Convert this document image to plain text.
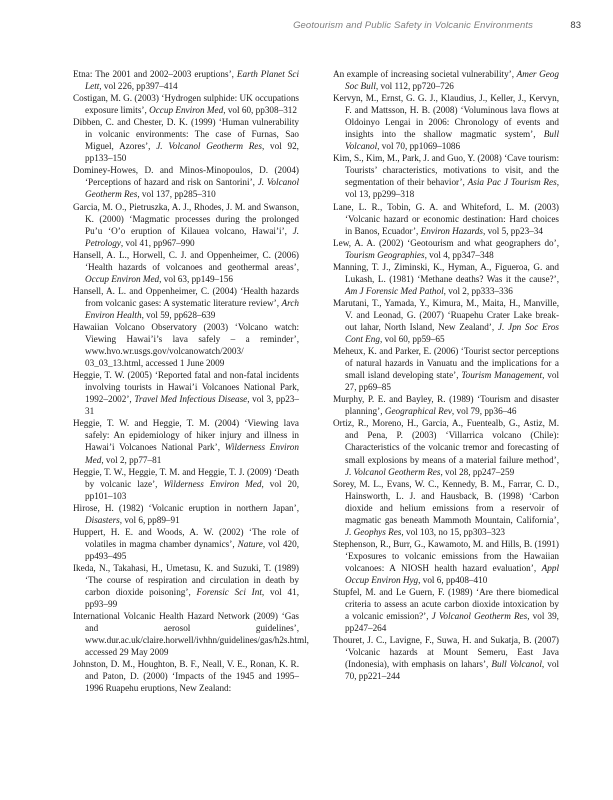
Geotourism and Public Safety in Volcanic Environments	83

Etna: The 2001 and 2002–2003 eruptions’, Earth Planet Sci Lett, vol 226, pp397–414

Costigan, M. G. (2003) ‘Hydrogen sulphide: UK occupations exposure limits’, Occup Environ Med, vol 60, pp308–312

Dibben, C. and Chester, D. K. (1999) ‘Human vulnerability in volcanic environments: The case of Furnas, Sao Miguel, Azores’, J. Volcanol Geotherm Res, vol 92, pp133–150

Dominey-Howes, D. and Minos-Minopoulos, D. (2004) ‘Perceptions of hazard and risk on Santorini’, J. Volcanol Geotherm Res, vol 137, pp285–310

Garcia, M. O., Pietruszka, A. J., Rhodes, J. M. and Swanson, K. (2000) ‘Magmatic processes during the prolonged Pu’u ‘O’o eruption of Kilauea volcano, Hawai’i’, J. Petrology, vol 41, pp967–990

Hansell, A. L., Horwell, C. J. and Oppenheimer, C. (2006) ‘Health hazards of volcanoes and geothermal areas’, Occup Environ Med, vol 63, pp149–156

Hansell, A. L. and Oppenheimer, C. (2004) ‘Health hazards from volcanic gases: A systematic literature review’, Arch Environ Health, vol 59, pp628–639

Hawaiian Volcano Observatory (2003) ‘Volcano watch: Viewing Hawai’i’s lava safely – a reminder’, www.hvo.wr.usgs.gov/volcanowatch/2003/ 03_03_13.html, accessed 1 June 2009

Heggie, T. W. (2005) ‘Reported fatal and non-fatal incidents involving tourists in Hawai’i Volcanoes National Park, 1992–2002’, Travel Med Infectious Disease, vol 3, pp23–31

Heggie, T. W. and Heggie, T. M. (2004) ‘Viewing lava safely: An epidemiology of hiker injury and illness in Hawai’i Volcanoes National Park’, Wilderness Environ Med, vol 2, pp77–81

Heggie, T. W., Heggie, T. M. and Heggie, T. J. (2009) ‘Death by volcanic laze’, Wilderness Environ Med, vol 20, pp101–103

Hirose, H. (1982) ‘Volcanic eruption in northern Japan’, Disasters, vol 6, pp89–91

Huppert, H. E. and Woods, A. W. (2002) ‘The role of volatiles in magma chamber dynamics’, Nature, vol 420, pp493–495

Ikeda, N., Takahasi, H., Umetasu, K. and Suzuki, T. (1989) ‘The course of respiration and circulation in death by carbon dioxide poisoning’, Forensic Sci Int, vol 41, pp93–99

International Volcanic Health Hazard Network (2009) ‘Gas and aerosol guidelines’, www.dur.ac.uk/claire.horwell/ivhhn/guidelines/gas/h2s.html, accessed 29 May 2009

Johnston, D. M., Houghton, B. F., Neall, V. E., Ronan, K. R. and Paton, D. (2000) ‘Impacts of the 1945 and 1995–1996 Ruapehu eruptions, New Zealand:

An example of increasing societal vulnerability’, Amer Geog Soc Bull, vol 112, pp720–726

Kervyn, M., Ernst, G. G. J., Klaudius, J., Keller, J., Kervyn, F. and Mattsson, H. B. (2008) ‘Voluminous lava flows at Oldoinyo Lengai in 2006: Chronology of events and insights into the shallow magmatic system’, Bull Volcanol, vol 70, pp1069–1086

Kim, S., Kim, M., Park, J. and Guo, Y. (2008) ‘Cave tourism: Tourists’ characteristics, motivations to visit, and the segmentation of their behavior’, Asia Pac J Tourism Res, vol 13, pp299–318

Lane, L. R., Tobin, G. A. and Whiteford, L. M. (2003) ‘Volcanic hazard or economic destination: Hard choices in Banos, Ecuador’, Environ Hazards, vol 5, pp23–34

Lew, A. A. (2002) ‘Geotourism and what geographers do’, Tourism Geographies, vol 4, pp347–348

Manning, T. J., Ziminski, K., Hyman, A., Figueroa, G. and Lukash, L. (1981) ‘Methane deaths? Was it the cause?’, Am J Forensic Med Pathol, vol 2, pp333–336

Marutani, T., Yamada, Y., Kimura, M., Maita, H., Manville, V. and Leonad, G. (2007) ‘Ruapehu Crater Lake break-out lahar, North Island, New Zealand’, J. Jpn Soc Eros Cont Eng, vol 60, pp59–65

Meheux, K. and Parker, E. (2006) ‘Tourist sector perceptions of natural hazards in Vanuatu and the implications for a small island developing state’, Tourism Management, vol 27, pp69–85

Murphy, P. E. and Bayley, R. (1989) ‘Tourism and disaster planning’, Geographical Rev, vol 79, pp36–46

Ortiz, R., Moreno, H., Garcia, A., Fuentealb, G., Astiz, M. and Pena, P. (2003) ‘Villarrica volcano (Chile): Characteristics of the volcanic tremor and forecasting of small explosions by means of a material failure method’, J. Volcanol Geotherm Res, vol 28, pp247–259

Sorey, M. L., Evans, W. C., Kennedy, B. M., Farrar, C. D., Hainsworth, L. J. and Hausback, B. (1998) ‘Carbon dioxide and helium emissions from a reservoir of magmatic gas beneath Mammoth Mountain, California’, J. Geophys Res, vol 103, no 15, pp303–323

Stephenson, R., Burr, G., Kawamoto, M. and Hills, B. (1991) ‘Exposures to volcanic emissions from the Hawaiian volcanoes: A NIOSH health hazard evaluation’, Appl Occup Environ Hyg, vol 6, pp408–410

Stupfel, M. and Le Guern, F. (1989) ‘Are there biomedical criteria to assess an acute carbon dioxide intoxication by a volcanic emission?’, J Volcanol Geotherm Res, vol 39, pp247–264

Thouret, J. C., Lavigne, F., Suwa, H. and Sukatja, B. (2007) ‘Volcanic hazards at Mount Semeru, East Java (Indonesia), with emphasis on lahars’, Bull Volcanol, vol 70, pp221–244
